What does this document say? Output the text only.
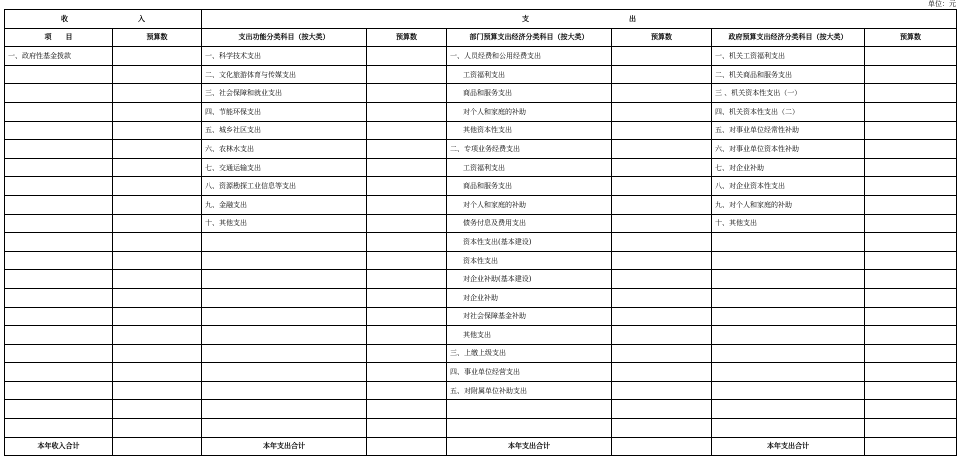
单位：元
收 入		支 出					
项　　目	预算数	支出功能分类科目（按大类）	预算数	部门预算支出经济分类科目（按大类）	预算数	政府预算支出经济分类科目（按大类）	预算数
一、政府性基金拨款		一、科学技术支出		一、人员经费和公用经费支出		一、机关工资福利支出	
		二、文化旅游体育与传媒支出		工资福利支出		二、机关商品和服务支出	
		三、社会保障和就业支出		商品和服务支出		三 、机关资本性支出（一）	
		四、节能环保支出		对个人和家庭的补助		四、机关资本性支出（二）	
		五、城乡社区支出		其他资本性支出		五、对事业单位经常性补助	
		六、农林水支出		二、专项业务经费支出		六、对事业单位资本性补助	
		七、交通运输支出		工资福利支出		七、对企业补助	
		八、资源勘探工业信息等支出		商品和服务支出		八、对企业资本性支出	
		九、金融支出		对个人和家庭的补助		九、对个人和家庭的补助	
		十、其他支出		债务付息及费用支出		十、其他支出	
				资本性支出(基本建设)			
				资本性支出			
				对企业补助(基本建设)			
				对企业补助			
				对社会保障基金补助			
				其他支出			
				三、上缴上级支出			
				四、事业单位经营支出			
				五、对附属单位补助支出			

本年收入合计		本年支出合计		本年支出合计		本年支出合计	
